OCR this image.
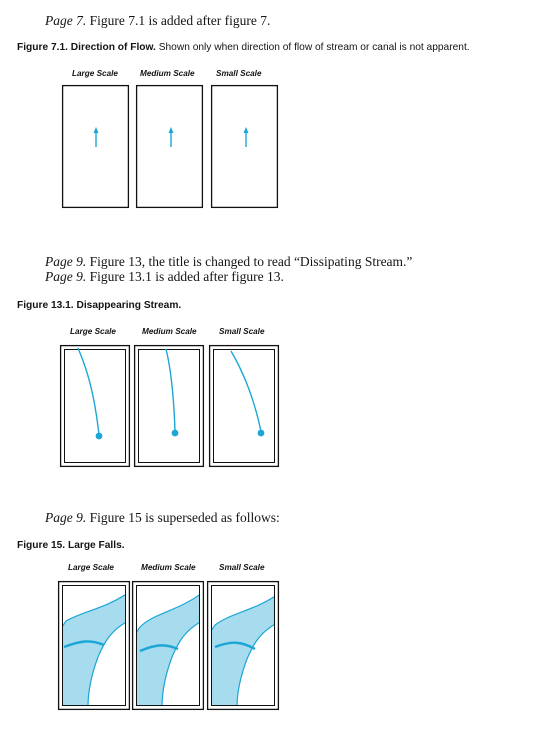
Page 7. Figure 7.1 is added after figure 7.
Figure 7.1. Direction of Flow. Shown only when direction of flow of stream or canal is not apparent.
Large Scale	Medium Scale	Small Scale
Page 9. Figure 13, the title is changed to read “Dissipating Stream.”
Page 9. Figure 13.1 is added after figure 13.
Figure 13.1. Disappearing Stream.
Large Scale	Medium Scale	Small Scale
Page 9. Figure 15 is superseded as follows:
Figure 15. Large Falls.
Large Scale	Medium Scale	Small Scale
